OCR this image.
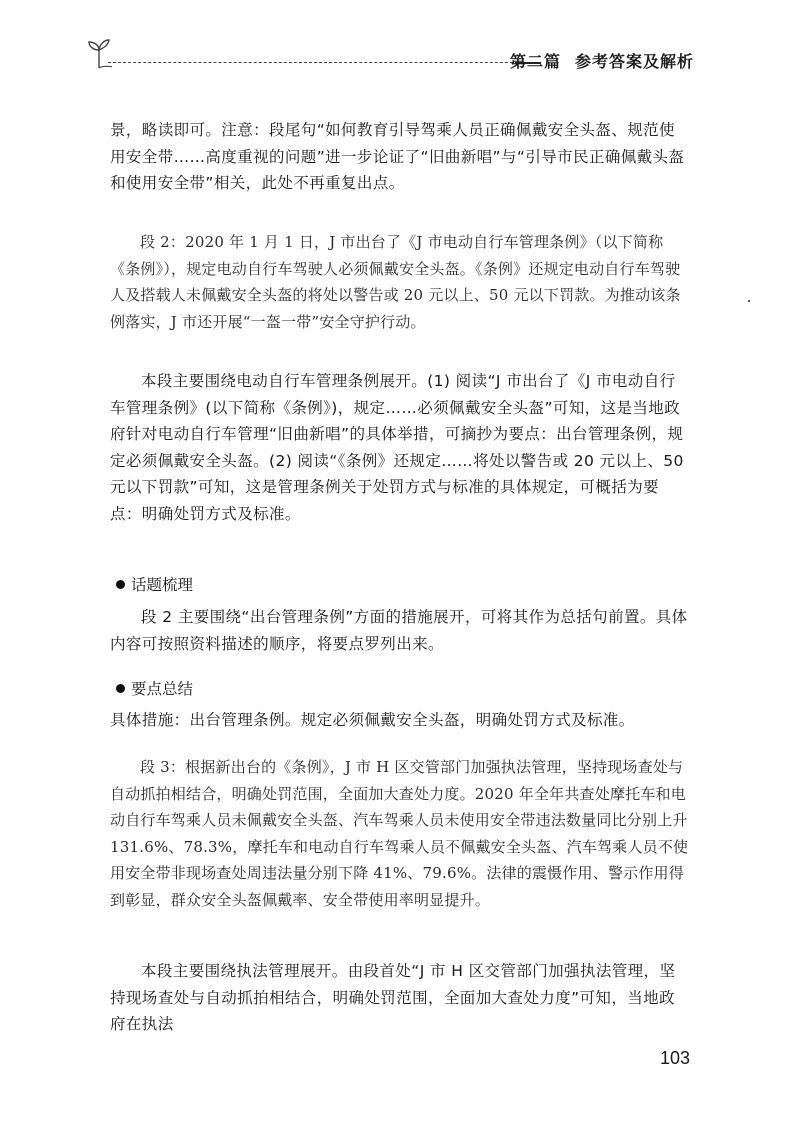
第二篇 参考答案及解析

景，略读即可。注意：段尾句“如何教育引导驾乘人员正确佩戴安全头盔、规范使用安全带……高度重视的问题”进一步论证了“旧曲新唱”与“引导市民正确佩戴头盔和使用安全带”相关，此处不再重复出点。

段 2：2020 年 1 月 1 日，J 市出台了《J 市电动自行车管理条例》（以下简称《条例》），规定电动自行车驾驶人必须佩戴安全头盔。《条例》还规定电动自行车驾驶人及搭载人未佩戴安全头盔的将处以警告或 20 元以上、50 元以下罚款。为推动该条例落实，J 市还开展“一盔一带”安全守护行动。

本段主要围绕电动自行车管理条例展开。(1) 阅读“J 市出台了《J 市电动自行车管理条例》(以下简称《条例》)，规定……必须佩戴安全头盔”可知，这是当地政府针对电动自行车管理“旧曲新唱”的具体举措，可摘抄为要点：出台管理条例，规定必须佩戴安全头盔。(2) 阅读“《条例》还规定……将处以警告或 20 元以上、50 元以下罚款”可知，这是管理条例关于处罚方式与标准的具体规定，可概括为要点：明确处罚方式及标准。

话题梳理

段 2 主要围绕“出台管理条例”方面的措施展开，可将其作为总括句前置。具体内容可按照资料描述的顺序，将要点罗列出来。

要点总结

具体措施：出台管理条例。规定必须佩戴安全头盔，明确处罚方式及标准。

段 3：根据新出台的《条例》，J 市 H 区交管部门加强执法管理，坚持现场查处与自动抓拍相结合，明确处罚范围，全面加大查处力度。2020 年全年共查处摩托车和电动自行车驾乘人员未佩戴安全头盔、汽车驾乘人员未使用安全带违法数量同比分别上升 131.6%、78.3%，摩托车和电动自行车驾乘人员不佩戴安全头盔、汽车驾乘人员不使用安全带非现场查处周违法量分别下降 41%、79.6%。法律的震慑作用、警示作用得到彰显，群众安全头盔佩戴率、安全带使用率明显提升。

本段主要围绕执法管理展开。由段首处“J 市 H 区交管部门加强执法管理，坚持现场查处与自动抓拍相结合，明确处罚范围，全面加大查处力度”可知，当地政府在执法

103
